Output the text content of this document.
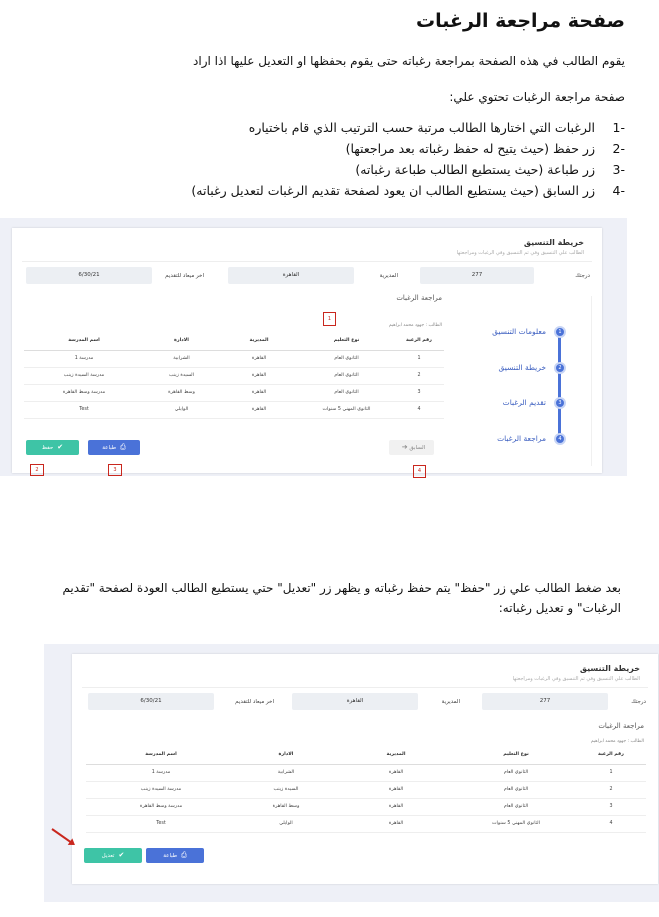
صفحة مراجعة الرغبات
يقوم الطالب في هذه الصفحة بمراجعة رغباته حتى يقوم بحفظها او التعديل عليها اذا اراد
صفحة مراجعة الرغبات تحتوي علي:
-1
الرغبات التي اختارها الطالب مرتبة حسب الترتيب الذي قام باختياره
-2
زر حفظ (حيث يتيح له حفظ رغباته بعد مراجعتها)
-3
زر طباعة (حيث يستطيع الطالب طباعة رغباته)
-4
زر السابق (حيث يستطيع الطالب ان يعود لصفحة تقديم الرغبات لتعديل رغباته)
خريطة التنسيق
الطالب علي التنسيق وفي ثم التنسيق وفي الرغبات ومراجعتها
درجتك
277
المديرية
القاهرة
اخر ميعاد للتقديم
6/30/21
مراجعة الرغبات
1
الطالب : جهود محمد ابراهيم
1
معلومات التنسيق
2
خريطة التنسيق
3
تقديم الرغبات
4
مراجعة الرغبات
رقم الرغبة	نوع التعليم	المديرية	الادارة	اسم المدرسة
1	الثانوي العام	القاهرة	الشرابية	مدرسة 1
2	الثانوي العام	القاهرة	السيدة زينب	مدرسة السيدة زينب
3	الثانوي العام	القاهرة	وسط القاهرة	مدرسة وسط القاهرة
4	الثانوي المهني 5 سنوات	القاهرة	الوايلي	Test
السابق ➔
4
⎙طباعة
✔حفظ
2	3
بعد ضغط الطالب علي زر "حفظ" يتم حفظ رغباته و يظهر زر "تعديل" حتي يستطيع الطالب العودة لصفحة "تقديم الرغبات" و تعديل رغباته:
خريطة التنسيق
الطالب علي التنسيق وفي ثم التنسيق وفي الرغبات ومراجعتها
درجتك
277
المديرية
القاهرة
اخر ميعاد للتقديم
6/30/21
مراجعة الرغبات
الطالب : جهود محمد ابراهيم
رقم الرغبة	نوع التعليم	المديرية	الادارة	اسم المدرسة
1	الثانوي العام	القاهرة	الشرابية	مدرسة 1
2	الثانوي العام	القاهرة	السيدة زينب	مدرسة السيدة زينب
3	الثانوي العام	القاهرة	وسط القاهرة	مدرسة وسط القاهرة
4	الثانوي المهني 5 سنوات	القاهرة	الوايلي	Test
⎙طباعة
✔تعديل
